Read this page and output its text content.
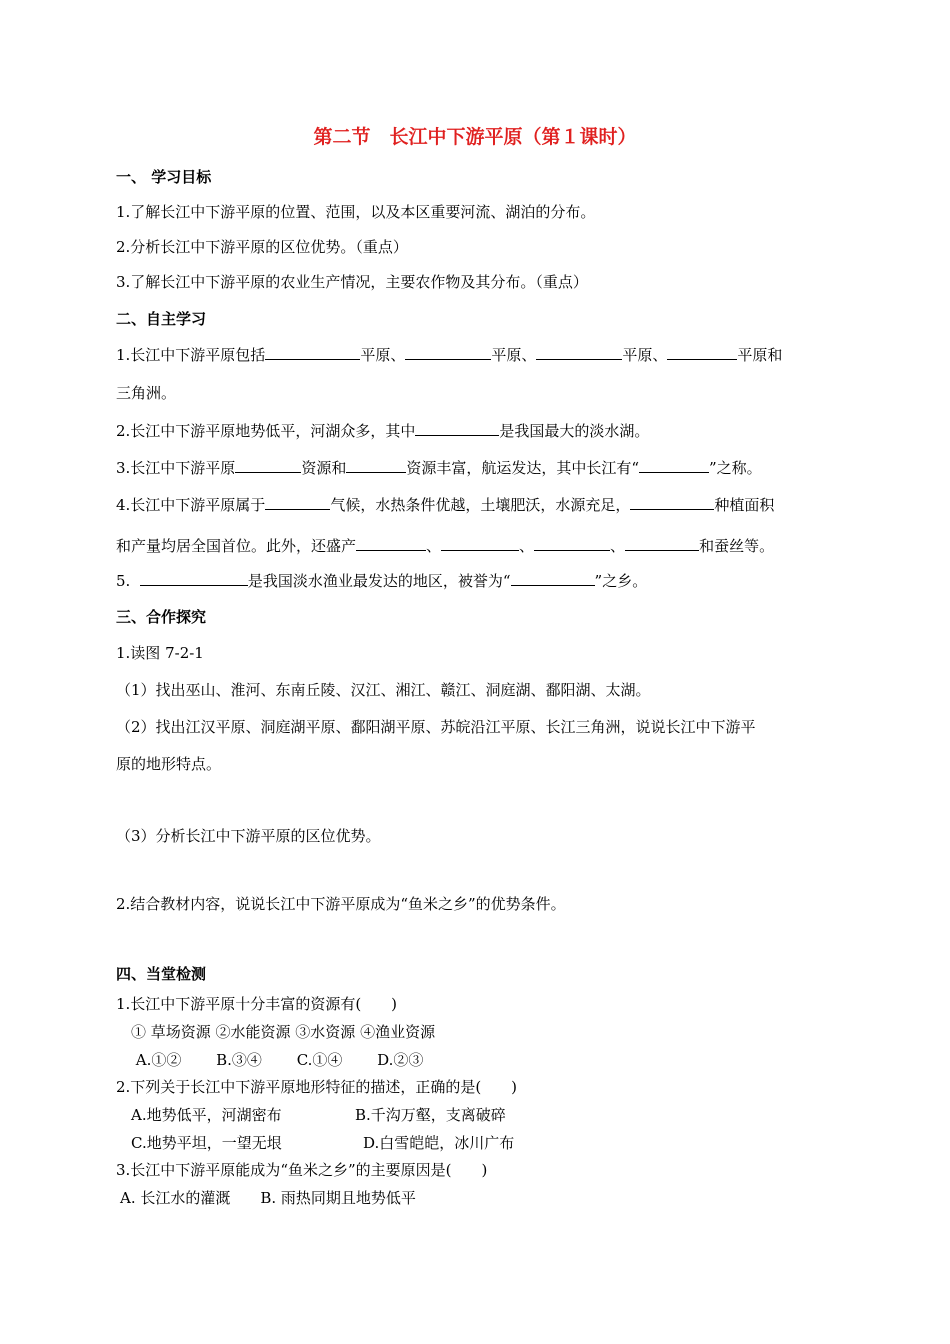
第二节　长江中下游平原（第１课时）
一、 学习目标
1.了解长江中下游平原的位置、范围，以及本区重要河流、湖泊的分布。
2.分析长江中下游平原的区位优势。（重点）
3.了解长江中下游平原的农业生产情况，主要农作物及其分布。（重点）
二、自主学习
1.长江中下游平原包括	平原、	平原、	平原、	平原和
三角洲。
2.长江中下游平原地势低平，河湖众多，其中	是我国最大的淡水湖。
3.长江中下游平原	资源和	资源丰富，航运发达，其中长江有“	”之称。
4.长江中下游平原属于	气候，水热条件优越，土壤肥沃，水源充足，	种植面积
和产量均居全国首位。此外，还盛产	、	、	、	和蚕丝等。
5.	是我国淡水渔业最发达的地区，被誉为“	”之乡。
三、合作探究
1.读图 7-2-1
（1）找出巫山、淮河、东南丘陵、汉江、湘江、赣江、洞庭湖、鄱阳湖、太湖。
（2）找出江汉平原、洞庭湖平原、鄱阳湖平原、苏皖沿江平原、长江三角洲，说说长江中下游平
原的地形特点。
（3）分析长江中下游平原的区位优势。
2.结合教材内容，说说长江中下游平原成为“鱼米之乡”的优势条件。
四、当堂检测
1.长江中下游平原十分丰富的资源有(　　)
　① 草场资源 ②水能资源 ③水资源 ④渔业资源
　 A.①②　　 B.③④　　 C.①④　　 D.②③
2.下列关于长江中下游平原地形特征的描述，正确的是(　　)
　A.地势低平，河湖密布	B.千沟万壑，支离破碎
　C.地势平坦，一望无垠	D.白雪皑皑，冰川广布
3.长江中下游平原能成为“鱼米之乡”的主要原因是(　　)
A. 长江水的灌溉　　B. 雨热同期且地势低平
